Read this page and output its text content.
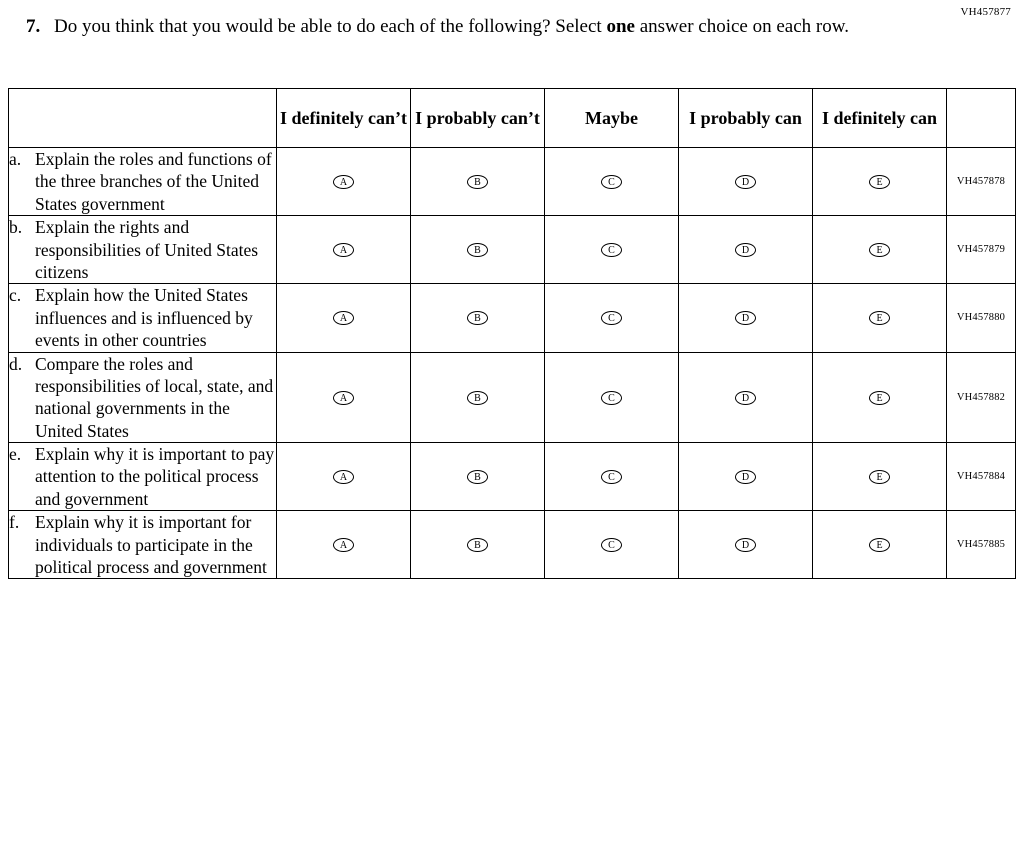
VH457877
7. Do you think that you would be able to do each of the following? Select one answer choice on each row.
	I definitely can’t	I probably can’t	Maybe	I probably can	I definitely can	

a. Explain the roles and functions of the three branches of the United States government	A	B	C	D	E	VH457878

b. Explain the rights and responsibilities of United States citizens	A	B	C	D	E	VH457879

c. Explain how the United States influences and is influenced by events in other countries	A	B	C	D	E	VH457880

d. Compare the roles and responsibilities of local, state, and national governments in the United States	A	B	C	D	E	VH457882

e. Explain why it is important to pay attention to the political process and government	A	B	C	D	E	VH457884

f. Explain why it is important for individuals to participate in the political process and government	A	B	C	D	E	VH457885
